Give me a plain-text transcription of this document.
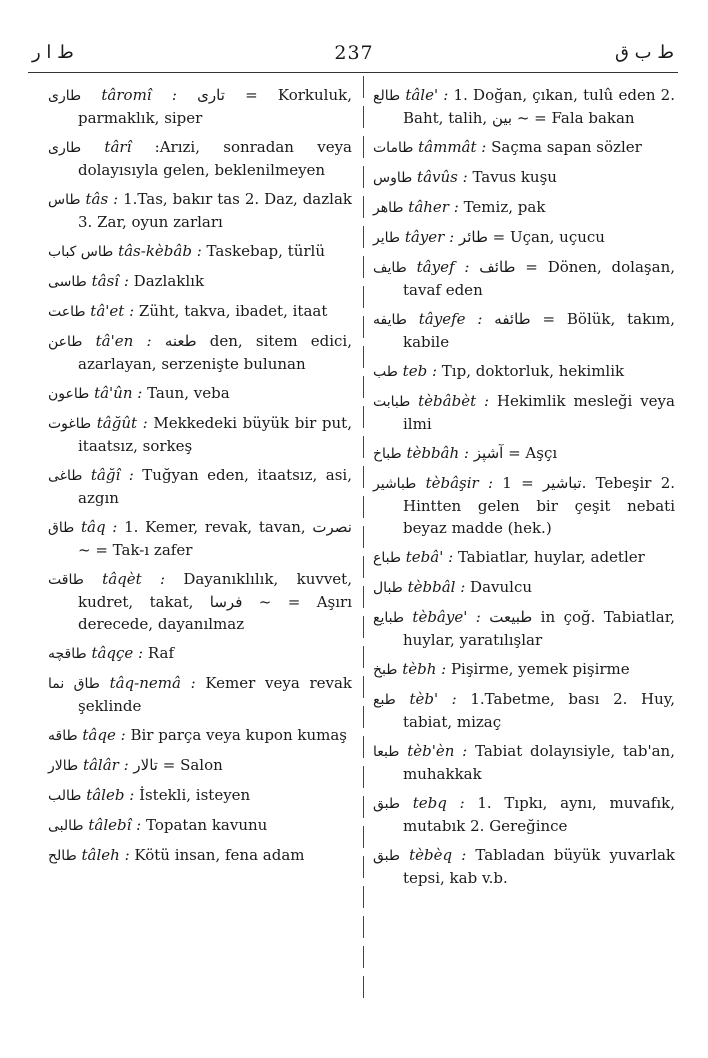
ط ا ر	237	ط ب ق
طارى târomî : تارى = Korkuluk, parmaklık, siper
طارى târî :Arızi, sonradan veya dolayısıyla gelen, beklenilmeyen
طاس tâs : 1.Tas, bakır tas 2. Daz, dazlak 3. Zar, oyun zarları
طاس كباب tâs-kèbâb : Taskebap, türlü
طاسى tâsî : Dazlaklık
طاعت tâ'et : Züht, takva, ibadet, itaat
طاعن tâ'en : طعنه den, sitem edici, azarlayan, serzenişte bulunan
طاعون tâ'ûn : Taun, veba
طاغوت tâğût : Mekkedeki büyük bir put, itaatsız, sorkeş
طاغى tâğî : Tuğyan eden, itaatsız, asi, azgın
طاق tâq : 1. Kemer, revak, tavan, نصرت ~ = Tak-ı zafer
طاقت tâqèt : Dayanıklılık, kuvvet, kudret, takat, فرسا ~ = Aşırı derecede, dayanılmaz
طاقچه tâqçe : Raf
طاق نما tâq-nemâ : Kemer veya revak şeklinde
طاقه tâqe : Bir parça veya kupon kumaş
طالار tâlâr : تالار = Salon
طالب tâleb : İstekli, isteyen
طالبى tâlebî : Topatan kavunu
طالح tâleh : Kötü insan, fena adam
طالع tâle' : 1. Doğan, çıkan, tulû eden 2. Baht, talih, بين ~ = Fala bakan
طامات tâmmât : Saçma sapan sözler
طاوس tâvûs : Tavus kuşu
طاهر tâher : Temiz, pak
طاير tâyer : طائر = Uçan, uçucu
طايف tâyef : طائف = Dönen, dolaşan, tavaf eden
طايفه tâyefe : طائفه = Bölük, takım, kabile
طب teb : Tıp, doktorluk, hekimlik
طبابت tèbâbèt : Hekimlik mesleği veya ilmi
طباخ tèbbâh : آشپز = Aşçı
طباشير tèbâşir : تباشير = 1. Tebeşir 2. Hintten gelen bir çeşit nebati beyaz madde (hek.)
طباع tebâ' : Tabiatlar, huylar, adetler
طبال tèbbâl : Davulcu
طبايع tèbâye' : طبيعت in çoğ. Tabiatlar, huylar, yaratılışlar
طبخ tèbh : Pişirme, yemek pişirme
طبع tèb' : 1.Tabetme, bası 2. Huy, tabiat, mizaç
طبعا tèb'èn : Tabiat dolayısiyle, tab'an, muhakkak
طبق tebq : 1. Tıpkı, aynı, muvafık, mutabık 2. Gereğince
طبق tèbèq : Tabladan büyük yuvarlak tepsi, kab v.b.
